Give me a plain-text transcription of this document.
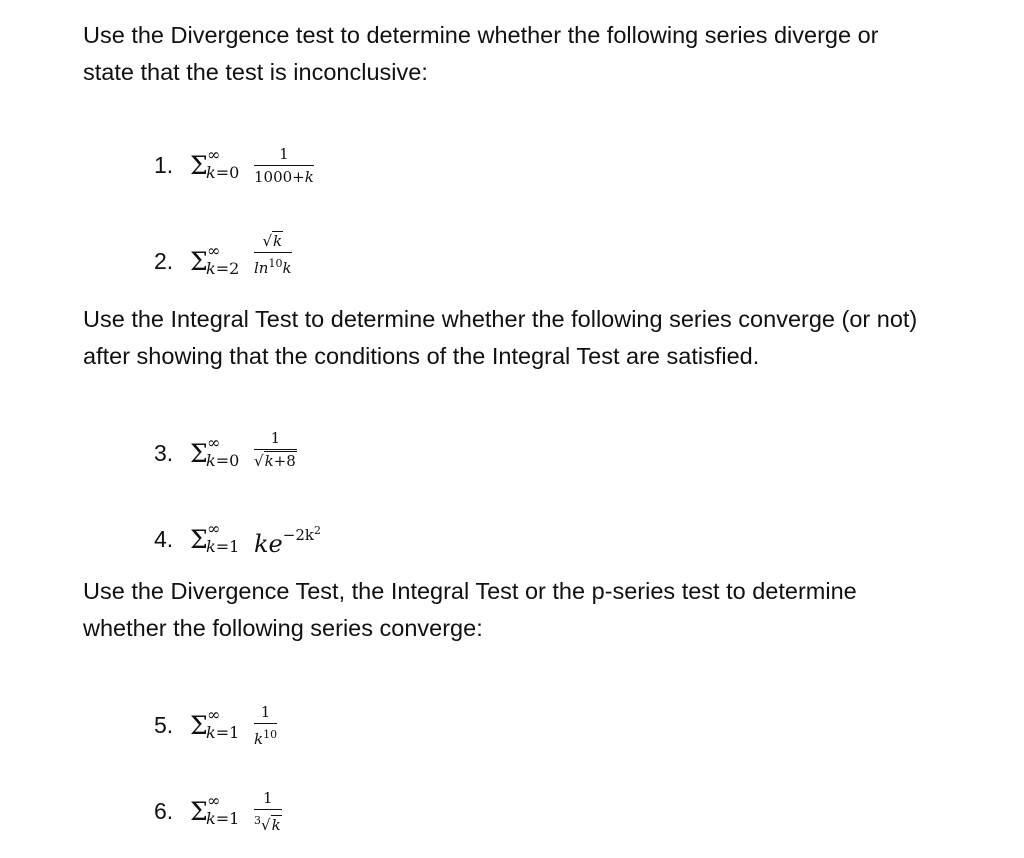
Use the Divergence test to determine whether the following series diverge or
state that the test is inconclusive:

1. Σ ∞
$k=0 \frac{1}{1000+k}$
2. Σ ∞
$k=2 \frac{√k}{\ln^{10}k}$

Use the Integral Test to determine whether the following series converge (or not)
after showing that the conditions of the Integral Test are satisfied.

3. Σ ∞
$k=0 \frac{1}{√k+8}$
4. Σ ∞
k=1 $ke^{-2k^2}$

Use the Divergence Test, the Integral Test or the p-series test to determine
whether the following series converge:

5. Σ ∞
$k=1 \frac{1}{k^{10}}$
6. Σ ∞
$k=1 \frac{1}{^3√k}$
